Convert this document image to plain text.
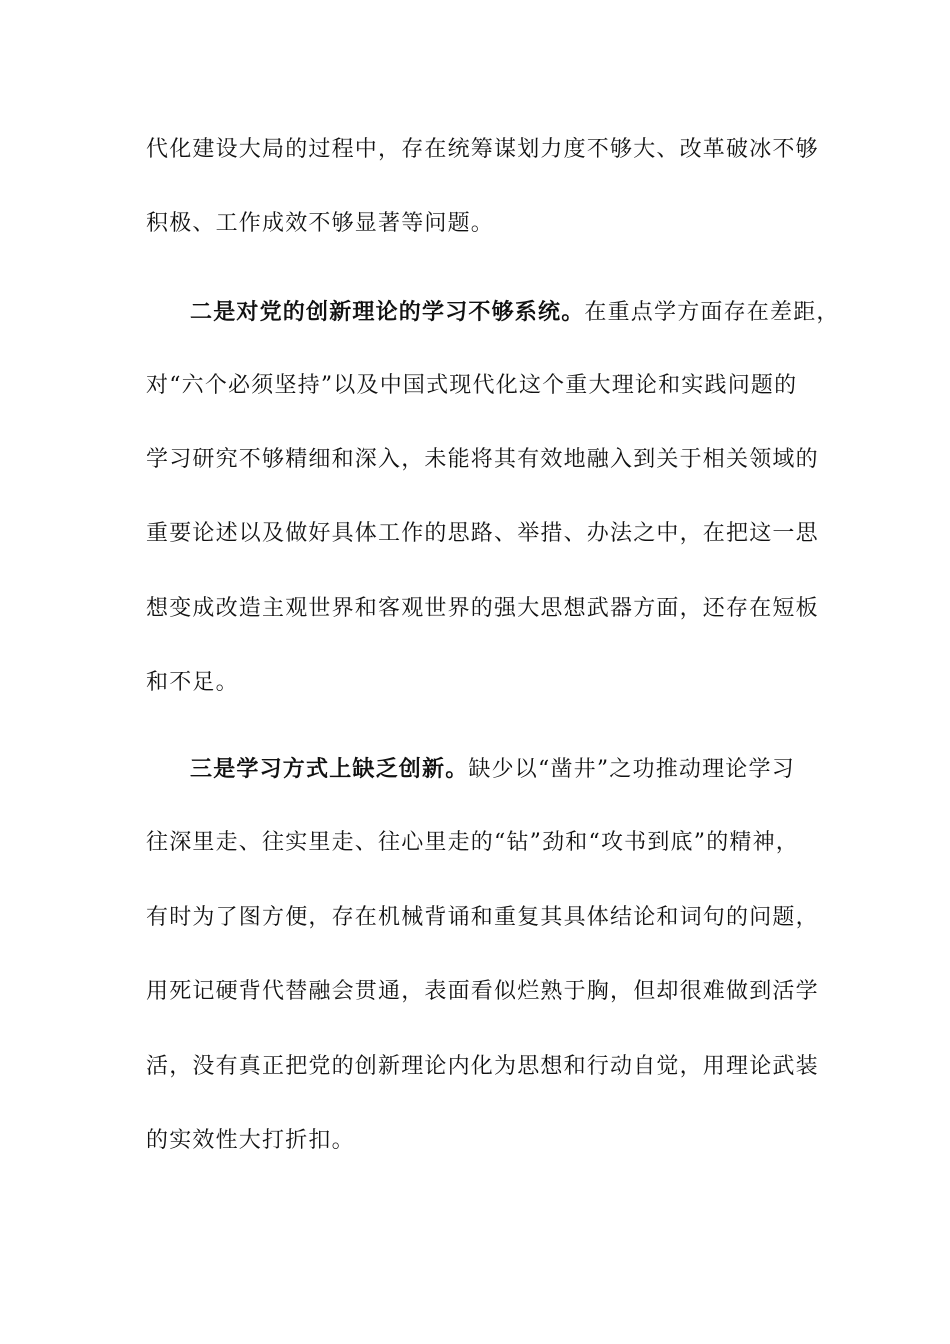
代化建设大局的过程中，存在统筹谋划力度不够大、改革破冰不够
积极、工作成效不够显著等问题。
二是对党的创新理论的学习不够系统。在重点学方面存在差距，
对“六个必须坚持”以及中国式现代化这个重大理论和实践问题的
学习研究不够精细和深入，未能将其有效地融入到关于相关领域的
重要论述以及做好具体工作的思路、举措、办法之中，在把这一思
想变成改造主观世界和客观世界的强大思想武器方面，还存在短板
和不足。
三是学习方式上缺乏创新。缺少以“凿井”之功推动理论学习
往深里走、往实里走、往心里走的“钻”劲和“攻书到底”的精神，
有时为了图方便，存在机械背诵和重复其具体结论和词句的问题，
用死记硬背代替融会贯通，表面看似烂熟于胸，但却很难做到活学
活，没有真正把党的创新理论内化为思想和行动自觉，用理论武装
的实效性大打折扣。
